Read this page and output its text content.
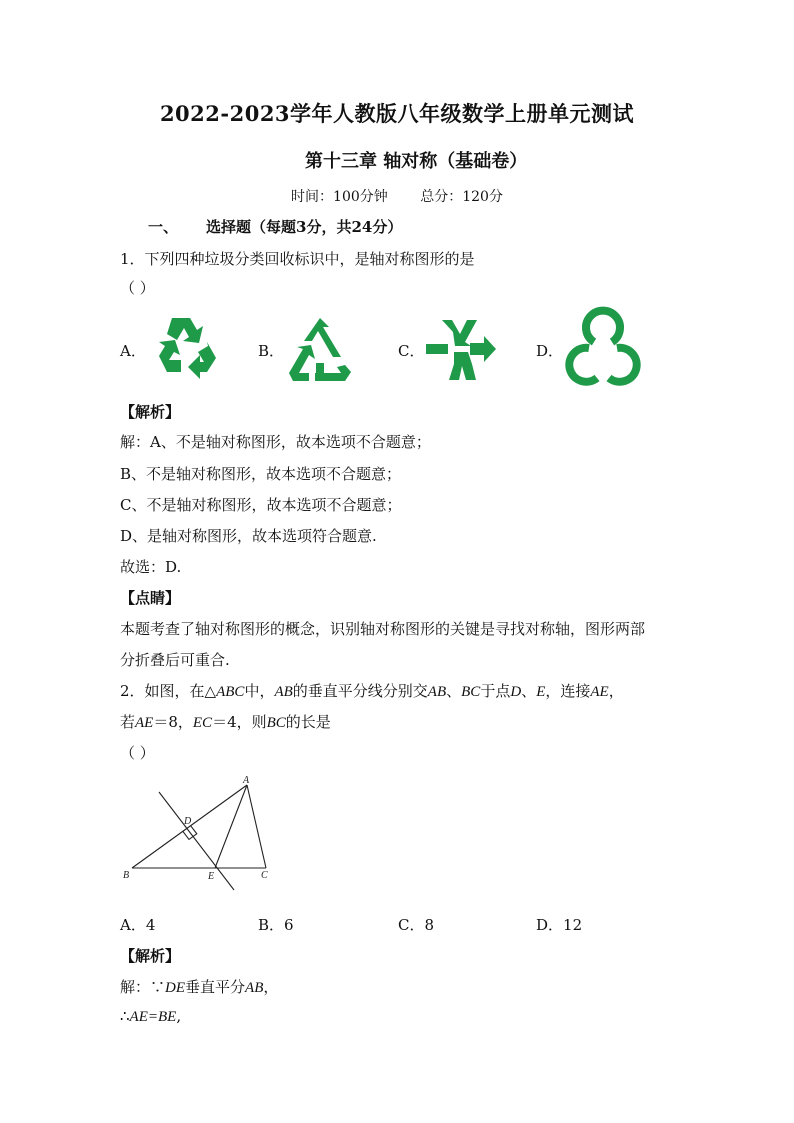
2022-2023学年人教版八年级数学上册单元测试
第十三章 轴对称（基础卷）
时间：100分钟 总分：120分
一、 选择题（每题3分，共24分）
1．下列四种垃圾分类回收标识中，是轴对称图形的是
（ ）
A．	B．	C．	D．
【解析】
解：A、不是轴对称图形，故本选项不合题意；
B、不是轴对称图形，故本选项不合题意；
C、不是轴对称图形，故本选项不合题意；
D、是轴对称图形，故本选项符合题意.
故选：D.
【点睛】
本题考查了轴对称图形的概念，识别轴对称图形的关键是寻找对称轴，图形两部
分折叠后可重合.
2．如图，在△ABC中，AB的垂直平分线分别交AB、BC于点D、E，连接AE，
若AE＝8，EC＝4，则BC的长是
（ ）
A
B	C
D
E
A．4	B．6	C．8	D．12
【解析】
解：∵DE垂直平分AB，
∴AE=BE,
